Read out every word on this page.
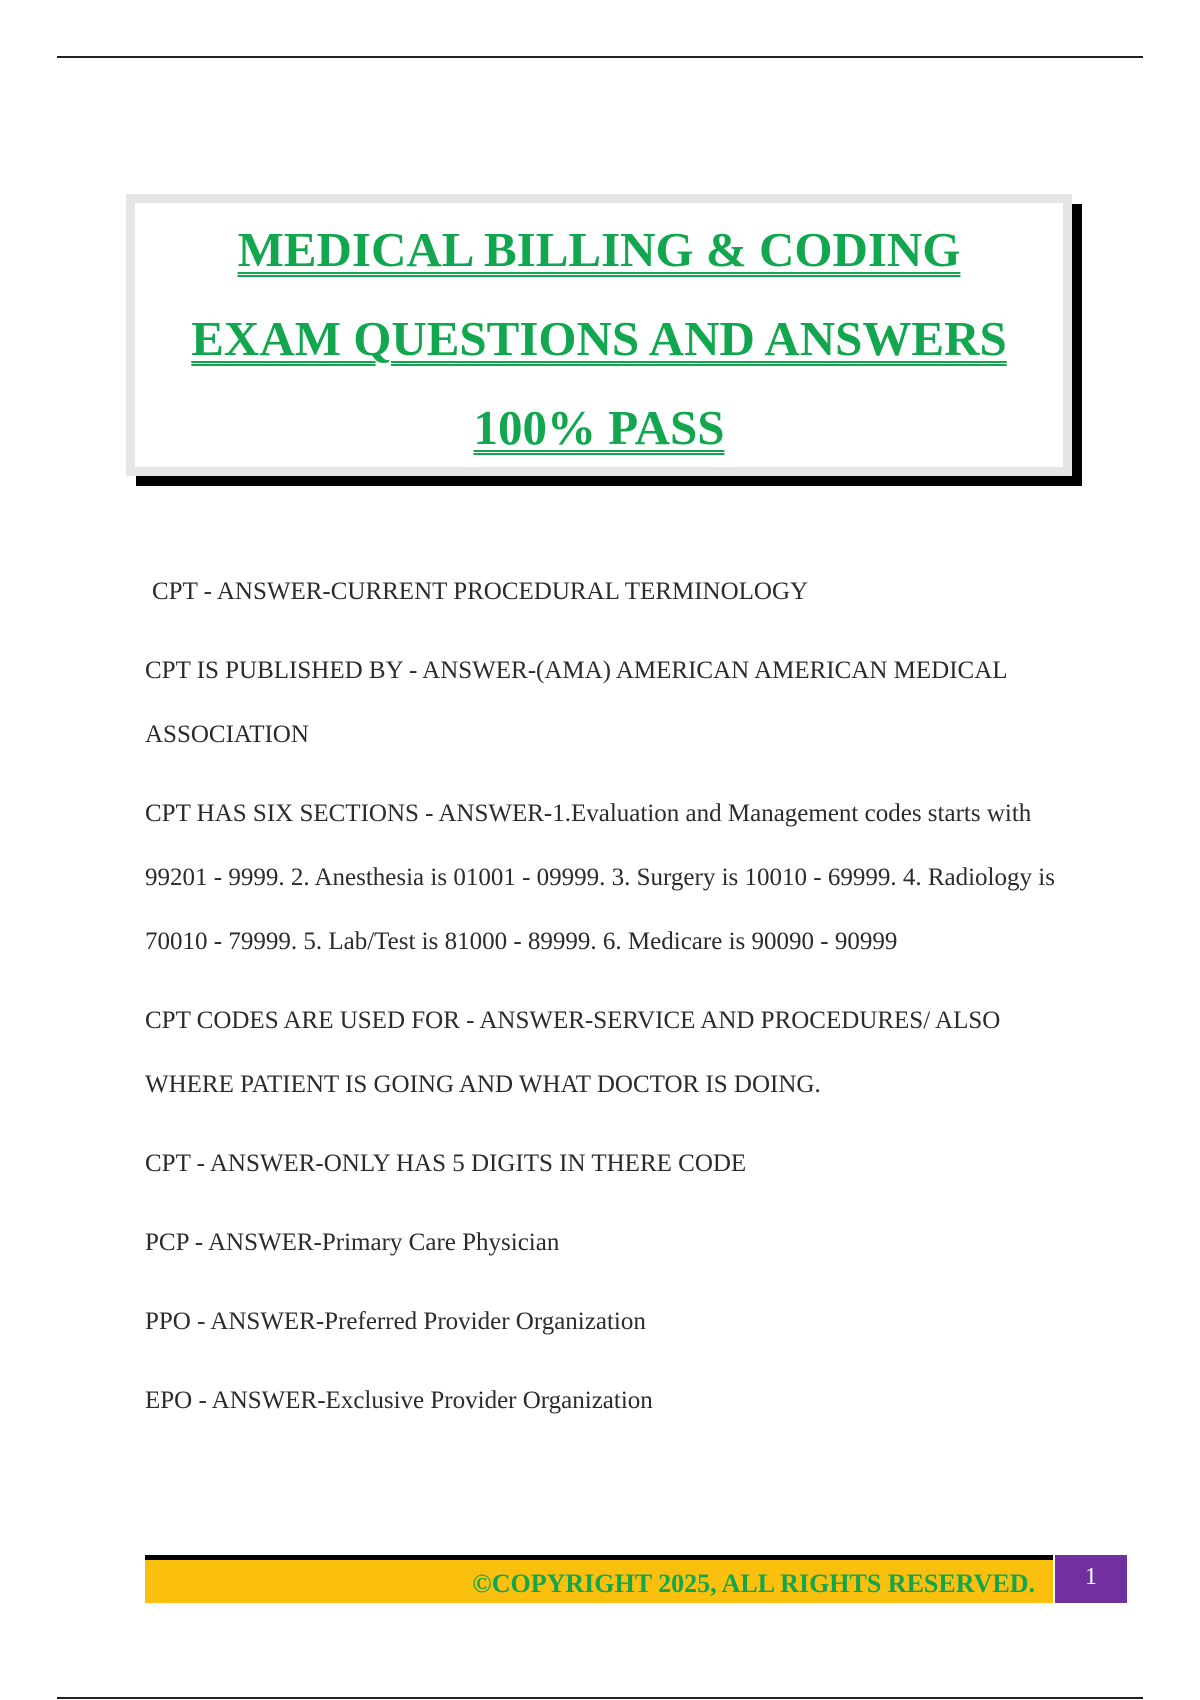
MEDICAL BILLING & CODING
EXAM QUESTIONS AND ANSWERS
100% PASS

CPT - ANSWER-CURRENT PROCEDURAL TERMINOLOGY

CPT IS PUBLISHED BY - ANSWER-(AMA) AMERICAN AMERICAN MEDICAL ASSOCIATION

CPT HAS SIX SECTIONS - ANSWER-1.Evaluation and Management codes starts with 99201 - 9999. 2. Anesthesia is 01001 - 09999. 3. Surgery is 10010 - 69999. 4. Radiology is 70010 - 79999. 5. Lab/Test is 81000 - 89999. 6. Medicare is 90090 - 90999

CPT CODES ARE USED FOR - ANSWER-SERVICE AND PROCEDURES/ ALSO WHERE PATIENT IS GOING AND WHAT DOCTOR IS DOING.

CPT - ANSWER-ONLY HAS 5 DIGITS IN THERE CODE

PCP - ANSWER-Primary Care Physician

PPO - ANSWER-Preferred Provider Organization

EPO - ANSWER-Exclusive Provider Organization

©COPYRIGHT 2025, ALL RIGHTS RESERVED.	1
